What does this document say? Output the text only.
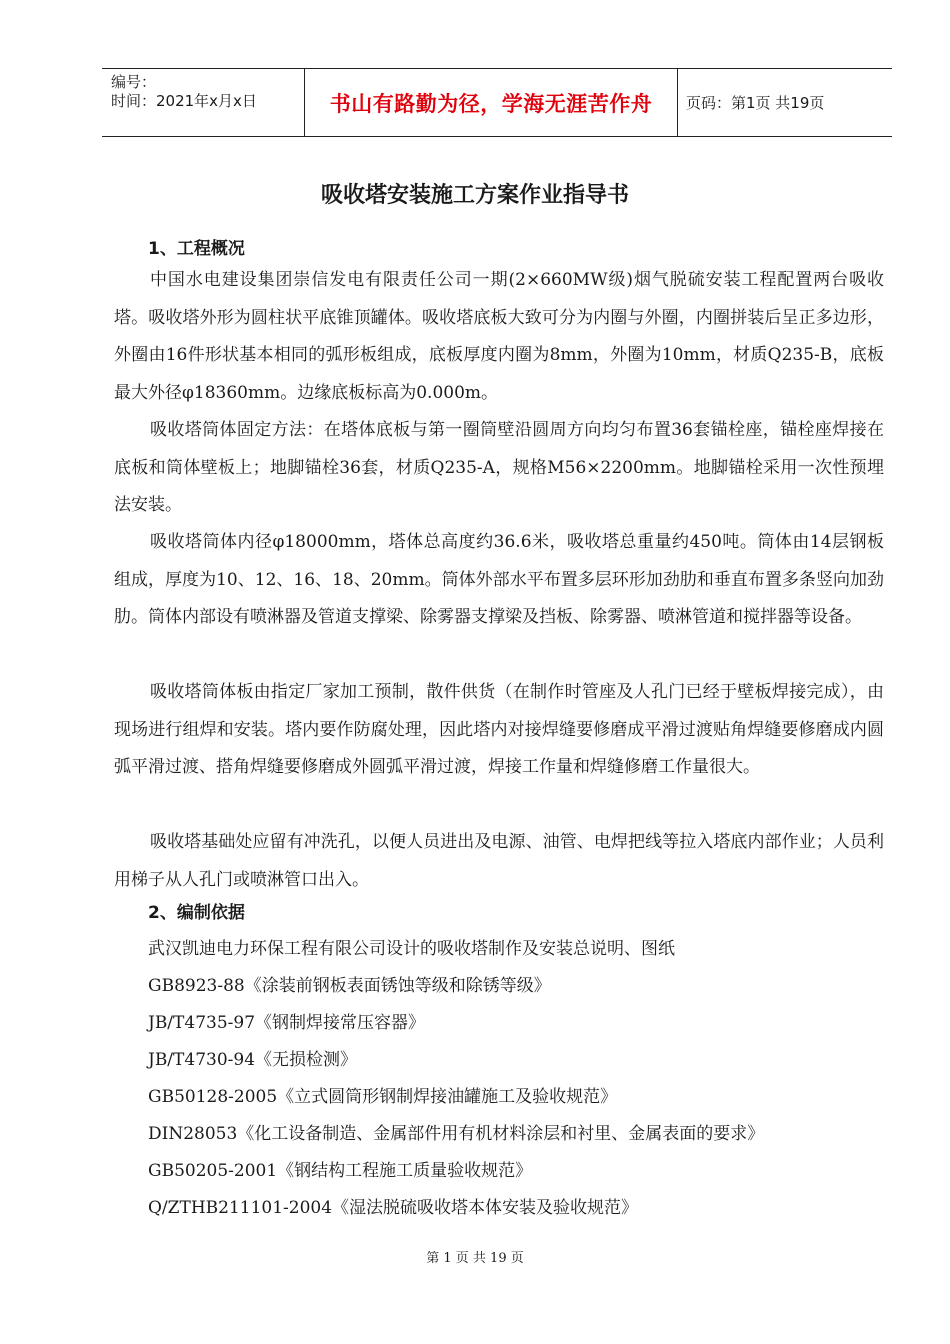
编号：
时间：2021年x月x日	书山有路勤为径，学海无涯苦作舟	页码：第1页 共19页
吸收塔安装施工方案作业指导书
1、工程概况

中国水电建设集团崇信发电有限责任公司一期(2×660MW级)烟气脱硫安装工程配置两台吸收塔。吸收塔外形为圆柱状平底锥顶罐体。吸收塔底板大致可分为内圈与外圈，内圈拼装后呈正多边形，外圈由16件形状基本相同的弧形板组成，底板厚度内圈为8mm，外圈为10mm，材质Q235-B，底板最大外径φ18360mm。边缘底板标高为0.000m。

吸收塔筒体固定方法：在塔体底板与第一圈筒壁沿圆周方向均匀布置36套锚栓座，锚栓座焊接在底板和筒体壁板上；地脚锚栓36套，材质Q235-A，规格M56×2200mm。地脚锚栓采用一次性预埋法安装。

吸收塔筒体内径φ18000mm，塔体总高度约36.6米，吸收塔总重量约450吨。筒体由14层钢板组成，厚度为10、12、16、18、20mm。筒体外部水平布置多层环形加劲肋和垂直布置多条竖向加劲肋。筒体内部设有喷淋器及管道支撑梁、除雾器支撑梁及挡板、除雾器、喷淋管道和搅拌器等设备。

吸收塔筒体板由指定厂家加工预制，散件供货（在制作时管座及人孔门已经于壁板焊接完成），由现场进行组焊和安装。塔内要作防腐处理，因此塔内对接焊缝要修磨成平滑过渡贴角焊缝要修磨成内圆弧平滑过渡、搭角焊缝要修磨成外圆弧平滑过渡，焊接工作量和焊缝修磨工作量很大。

吸收塔基础处应留有冲洗孔，以便人员进出及电源、油管、电焊把线等拉入塔底内部作业；人员利用梯子从人孔门或喷淋管口出入。

2、编制依据
武汉凯迪电力环保工程有限公司设计的吸收塔制作及安装总说明、图纸
GB8923-88《涂装前钢板表面锈蚀等级和除锈等级》
JB/T4735-97《钢制焊接常压容器》
JB/T4730-94《无损检测》
GB50128-2005《立式圆筒形钢制焊接油罐施工及验收规范》
DIN28053《化工设备制造、金属部件用有机材料涂层和衬里、金属表面的要求》
GB50205-2001《钢结构工程施工质量验收规范》
Q/ZTHB211101-2004《湿法脱硫吸收塔本体安装及验收规范》
第 1 页 共 19 页
